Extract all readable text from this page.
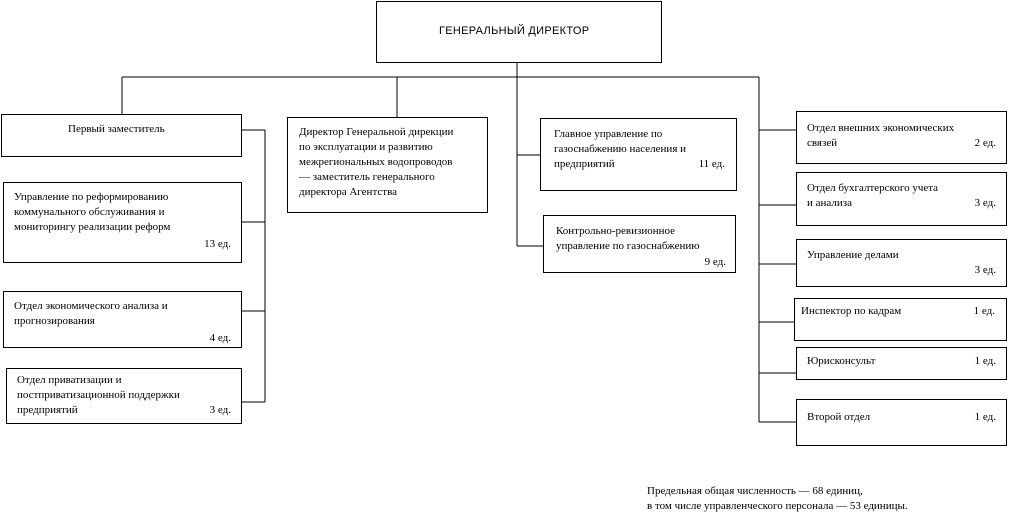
ГЕНЕРАЛЬНЫЙ ДИРЕКТОР
Первый заместитель
Управление по реформированию
коммунального обслуживания и
мониторингу реализации реформ
13 ед.
Отдел экономического анализа и
прогнозирования
4 ед.
Отдел приватизации и
постприватизационной поддержки
предприятий	3 ед.
Директор Генеральной дирекции
по эксплуатации и развитию
межрегиональных водопроводов
— заместитель генерального
директора Агентства
Главное управление по
газоснабжению населения и
предприятий	11 ед.
Контрольно-ревизионное
управление по газоснабжению
9 ед.
Отдел внешних экономических
связей	2 ед.
Отдел бухгалтерского учета
и анализа	3 ед.
Управление делами
3 ед.
Инспектор по кадрам	1 ед.
Юрисконсульт	1 ед.
Второй отдел	1 ед.
Предельная общая численность — 68 единиц,
в том числе управленческого персонала — 53 единицы.
